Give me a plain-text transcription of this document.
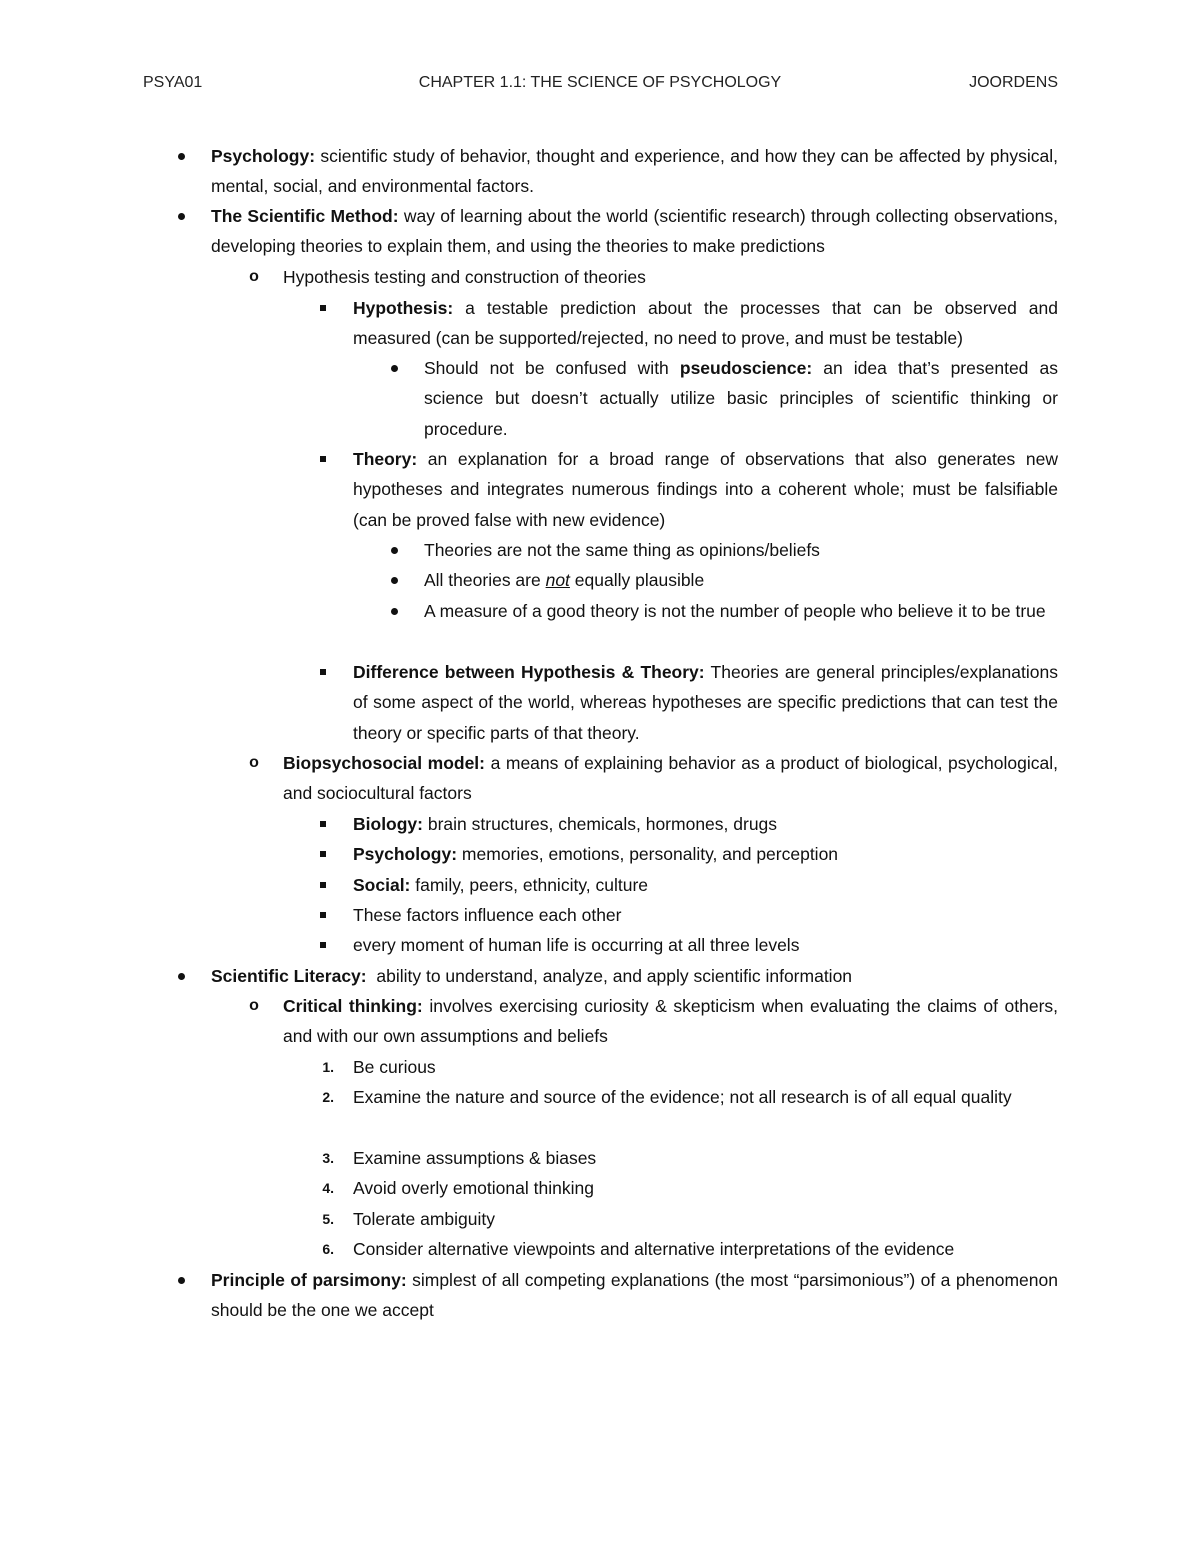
PSYA01	CHAPTER 1.1: THE SCIENCE OF PSYCHOLOGY	JOORDENS
Psychology: scientific study of behavior, thought and experience, and how they can be affected by physical, mental, social, and environmental factors.
The Scientific Method: way of learning about the world (scientific research) through collecting observations, developing theories to explain them, and using the theories to make predictions
o Hypothesis testing and construction of theories
Hypothesis: a testable prediction about the processes that can be observed and measured (can be supported/rejected, no need to prove, and must be testable)
Should not be confused with pseudoscience: an idea that’s presented as science but doesn’t actually utilize basic principles of scientific thinking or procedure.
Theory: an explanation for a broad range of observations that also generates new hypotheses and integrates numerous findings into a coherent whole; must be falsifiable (can be proved false with new evidence)
Theories are not the same thing as opinions/beliefs
All theories are not equally plausible
A measure of a good theory is not the number of people who believe it to be true
Difference between Hypothesis & Theory: Theories are general principles/explanations of some aspect of the world, whereas hypotheses are specific predictions that can test the theory or specific parts of that theory.
o Biopsychosocial model: a means of explaining behavior as a product of biological, psychological, and sociocultural factors
Biology: brain structures, chemicals, hormones, drugs
Psychology: memories, emotions, personality, and perception
Social: family, peers, ethnicity, culture
These factors influence each other
every moment of human life is occurring at all three levels
Scientific Literacy:  ability to understand, analyze, and apply scientific information
o Critical thinking: involves exercising curiosity & skepticism when evaluating the claims of others, and with our own assumptions and beliefs
1. Be curious
2. Examine the nature and source of the evidence; not all research is of all equal quality
3. Examine assumptions & biases
4. Avoid overly emotional thinking
5. Tolerate ambiguity
6. Consider alternative viewpoints and alternative interpretations of the evidence
Principle of parsimony: simplest of all competing explanations (the most “parsimonious”) of a phenomenon should be the one we accept
